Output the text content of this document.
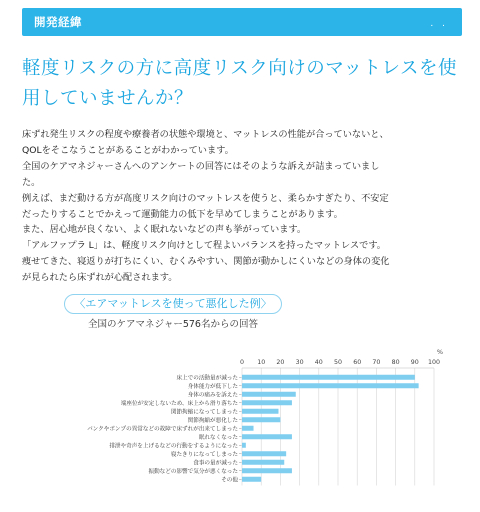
開発経緯	. .
軽度リスクの方に高度リスク向けのマットレスを使
用していませんか？

床ずれ発生リスクの程度や療養者の状態や環境と、マットレスの性能が合っていないと、

QOLをそこなうことがあることがわかっています。

全国のケアマネジャーさんへのアンケートの回答にはそのような訴えが詰まっていまし

た。

例えば、まだ動ける方が高度リスク向けのマットレスを使うと、柔らかすぎたり、不安定

だったりすることでかえって運動能力の低下を早めてしまうことがあります。

また、居心地が良くない、よく眠れないなどの声も挙がっています。

「アルファプラ L」は、軽度リスク向けとして程よいバランスを持ったマットレスです。

痩せてきた、寝返りが打ちにくい、むくみやすい、関節が動かしにくいなどの身体の変化

が見られたら床ずれが心配されます。

〈エアマットレスを使って悪化した例〉
全国のケアマネジャー576名からの回答
%
0 10 20 30 40 50 60 70 80 90 100
床上での活動量が減った
身体能力が低下した
身体の痛みを訴えた
端座位が安定しないため、床上から滑り落ちた
関節拘縮になってしまった
関節拘縮が悪化した
パンクやポンプの異常などの故障で床ずれが出来てしまった
眠れなくなった
排泄や奇声を上げるなどの行動をするようになった
寝たきりになってしまった
食事の量が減った
振動などの影響で気分が悪くなった
その他
